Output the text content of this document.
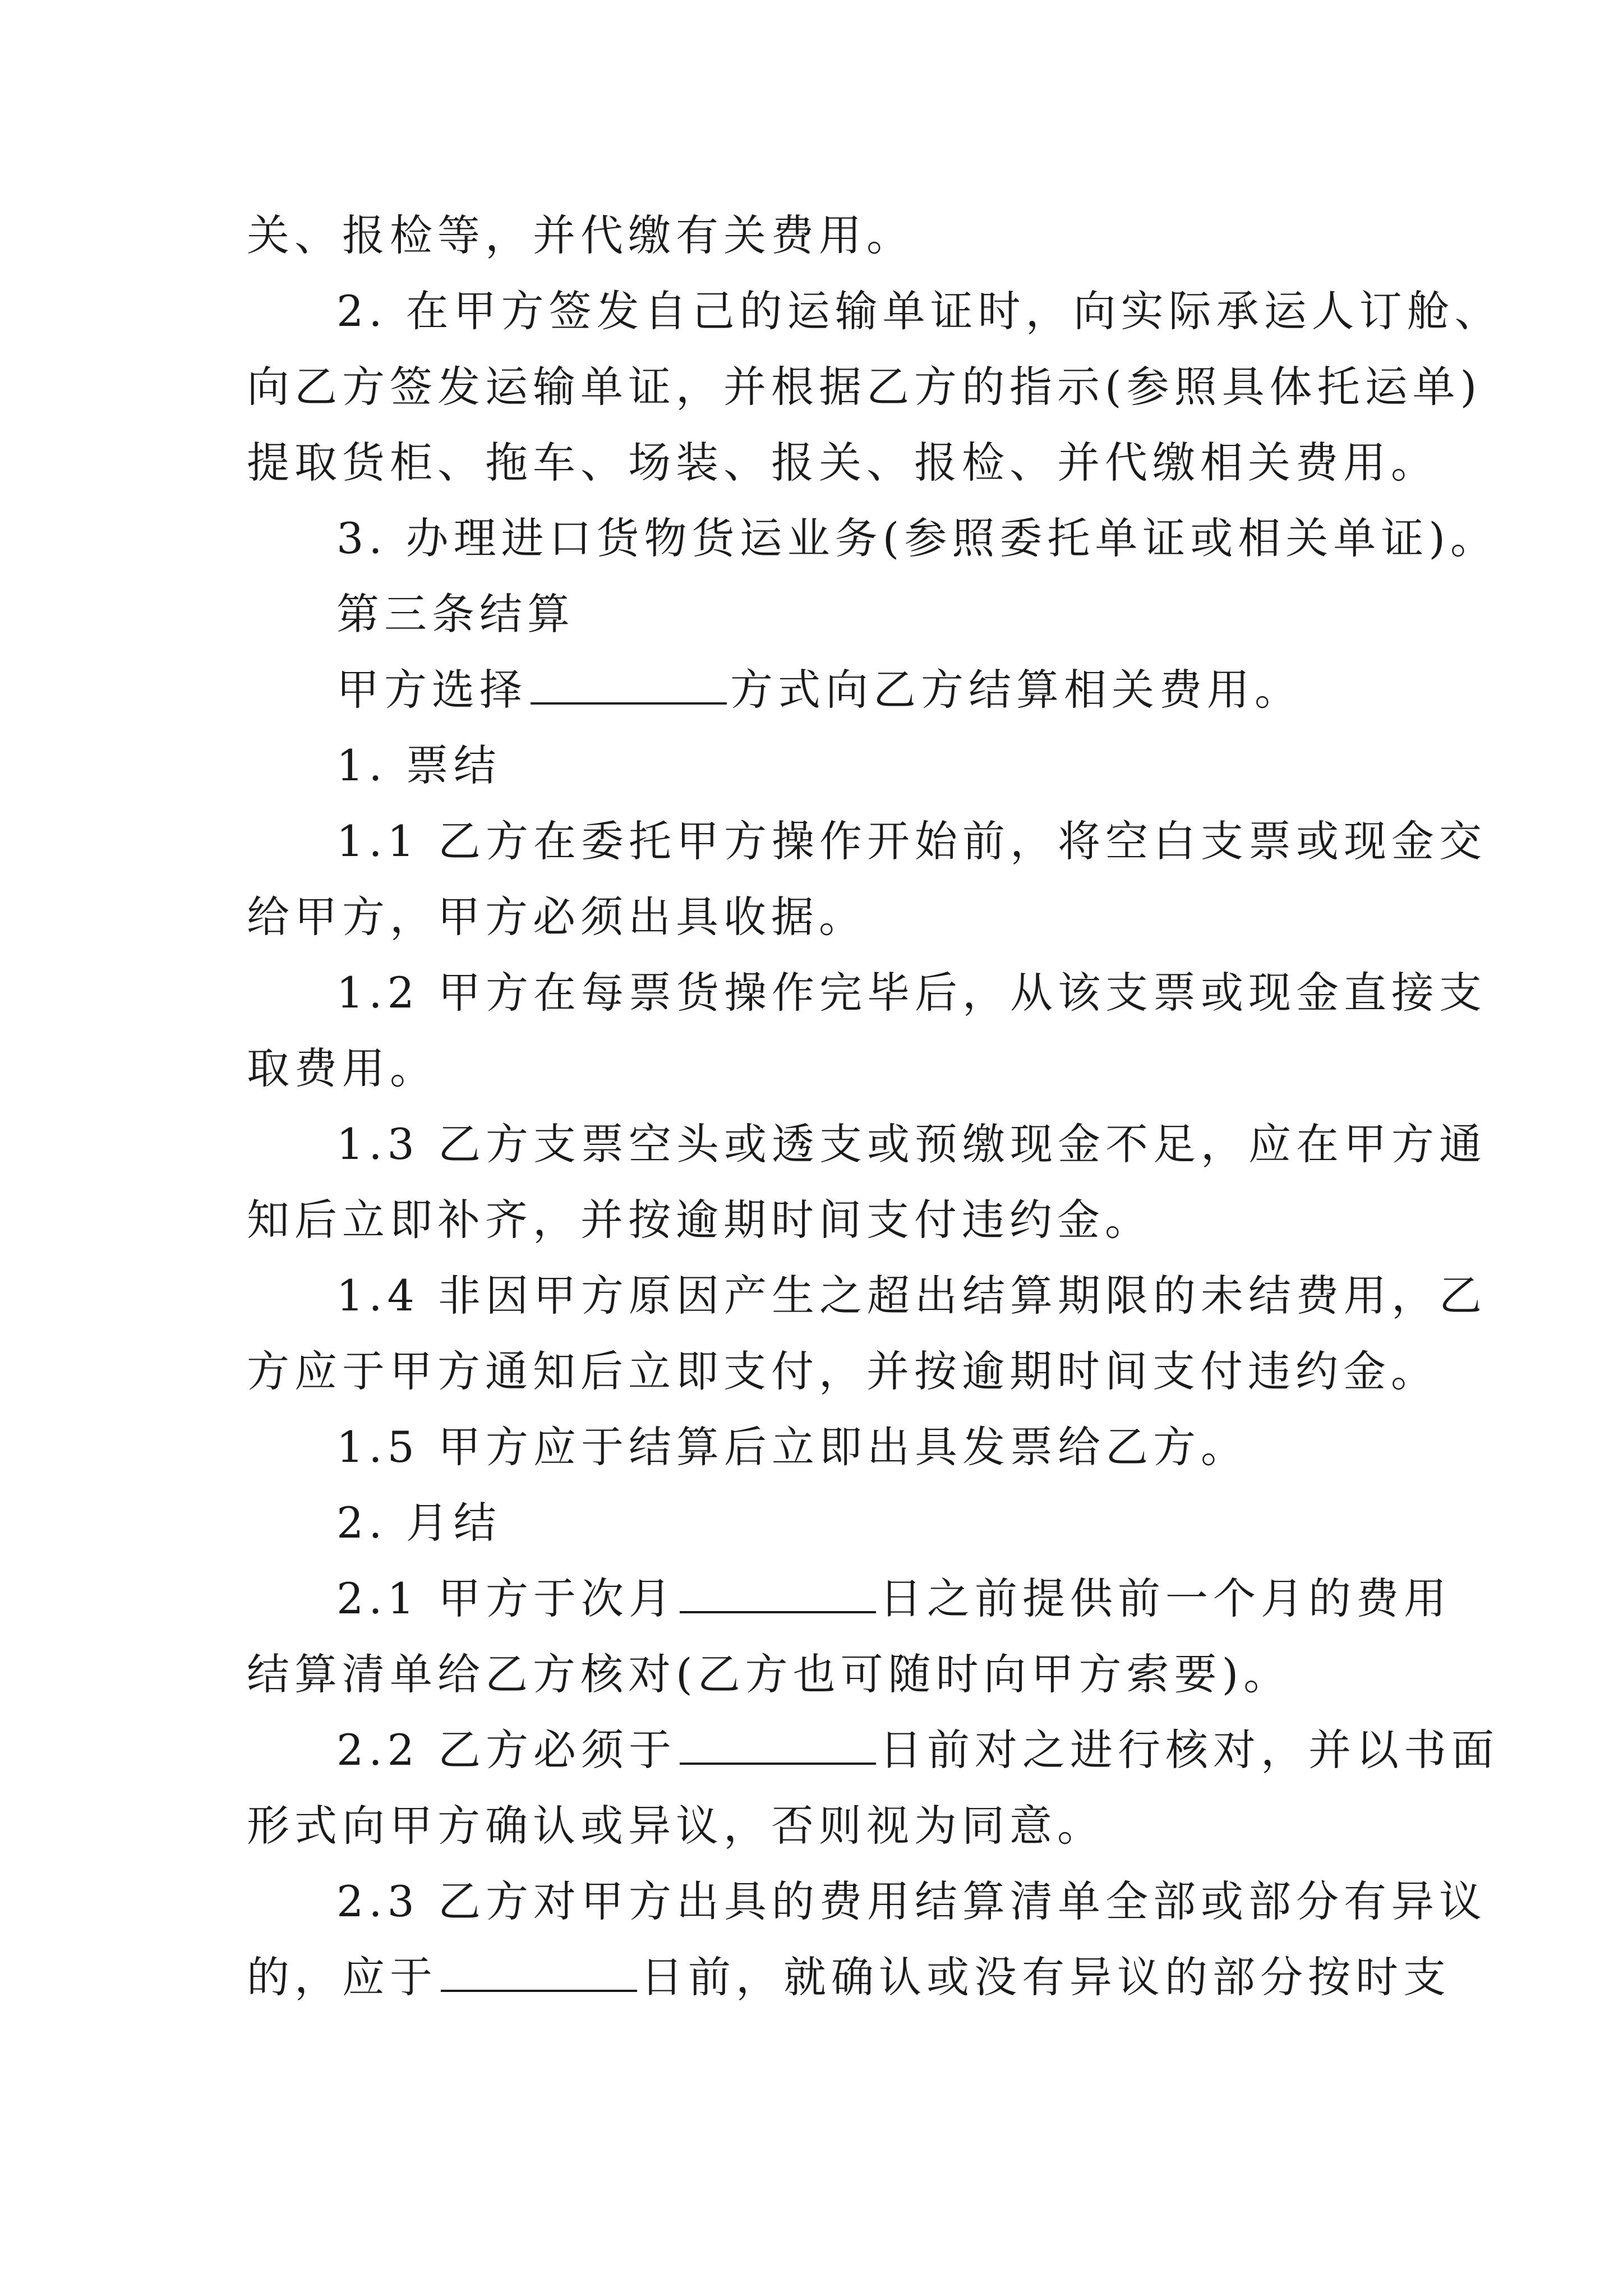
关、报检等，并代缴有关费用。
2. 在甲方签发自己的运输单证时，向实际承运人订舱、
向乙方签发运输单证，并根据乙方的指示(参照具体托运单)
提取货柜、拖车、场装、报关、报检、并代缴相关费用。
3. 办理进口货物货运业务(参照委托单证或相关单证)。
第三条结算
甲方选择	方式向乙方结算相关费用。
1. 票结
1.1 乙方在委托甲方操作开始前，将空白支票或现金交
给甲方，甲方必须出具收据。
1.2 甲方在每票货操作完毕后，从该支票或现金直接支
取费用。
1.3 乙方支票空头或透支或预缴现金不足，应在甲方通
知后立即补齐，并按逾期时间支付违约金。
1.4 非因甲方原因产生之超出结算期限的未结费用，乙
方应于甲方通知后立即支付，并按逾期时间支付违约金。
1.5 甲方应于结算后立即出具发票给乙方。
2. 月结
2.1 甲方于次月	日之前提供前一个月的费用
结算清单给乙方核对(乙方也可随时向甲方索要)。
2.2 乙方必须于	日前对之进行核对，并以书面
形式向甲方确认或异议，否则视为同意。
2.3 乙方对甲方出具的费用结算清单全部或部分有异议
的，应于	日前，就确认或没有异议的部分按时支
